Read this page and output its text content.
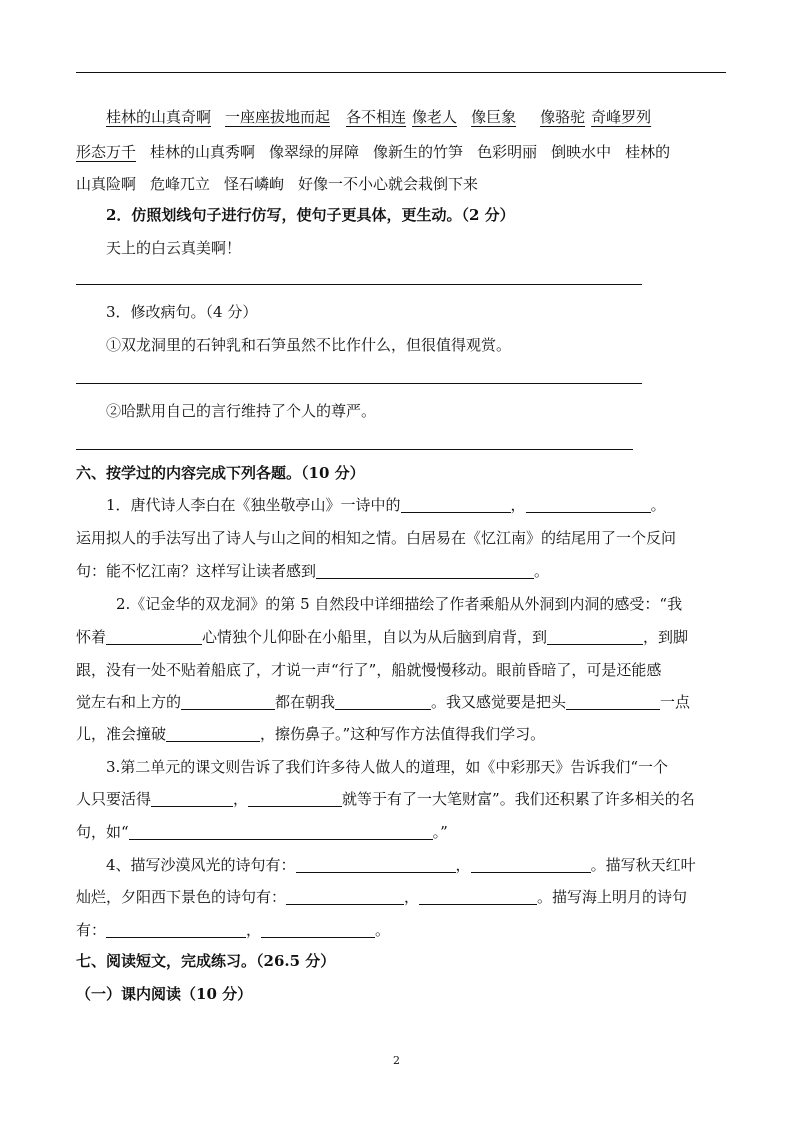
桂林的山真奇啊 一座座拔地而起 各不相连 像老人 像巨象 像骆驼 奇峰罗列
形态万千 桂林的山真秀啊 像翠绿的屏障 像新生的竹笋 色彩明丽 倒映水中 桂林的
山真险啊 危峰兀立 怪石嶙峋 好像一不小心就会栽倒下来
2．仿照划线句子进行仿写，使句子更具体，更生动。（2 分）
天上的白云真美啊！
3．修改病句。（4 分）
①双龙洞里的石钟乳和石笋虽然不比作什么，但很值得观赏。
②哈默用自己的言行维持了个人的尊严。
六、按学过的内容完成下列各题。（10 分）
1．唐代诗人李白在《独坐敬亭山》一诗中的	，	。
运用拟人的手法写出了诗人与山之间的相知之情。白居易在《忆江南》的结尾用了一个反问
句：能不忆江南？这样写让读者感到	。
2.《记金华的双龙洞》的第 5 自然段中详细描绘了作者乘船从外洞到内洞的感受：“我
怀着	心情独个儿仰卧在小船里，自以为从后脑到肩背，到	，到脚
跟，没有一处不贴着船底了，才说一声“行了”，船就慢慢移动。眼前昏暗了，可是还能感
觉左右和上方的	都在朝我	。我又感觉要是把头	一点
儿，准会撞破	，擦伤鼻子。”这种写作方法值得我们学习。
3.第二单元的课文则告诉了我们许多待人做人的道理，如《中彩那天》告诉我们“一个
人只要活得	，	就等于有了一大笔财富”。我们还积累了许多相关的名
句，如“	。”
4、描写沙漠风光的诗句有：	，	。描写秋天红叶
灿烂，夕阳西下景色的诗句有：	，	。描写海上明月的诗句
有：	，	。
七、阅读短文，完成练习。（26.5 分）
（一）课内阅读（10 分）
2
